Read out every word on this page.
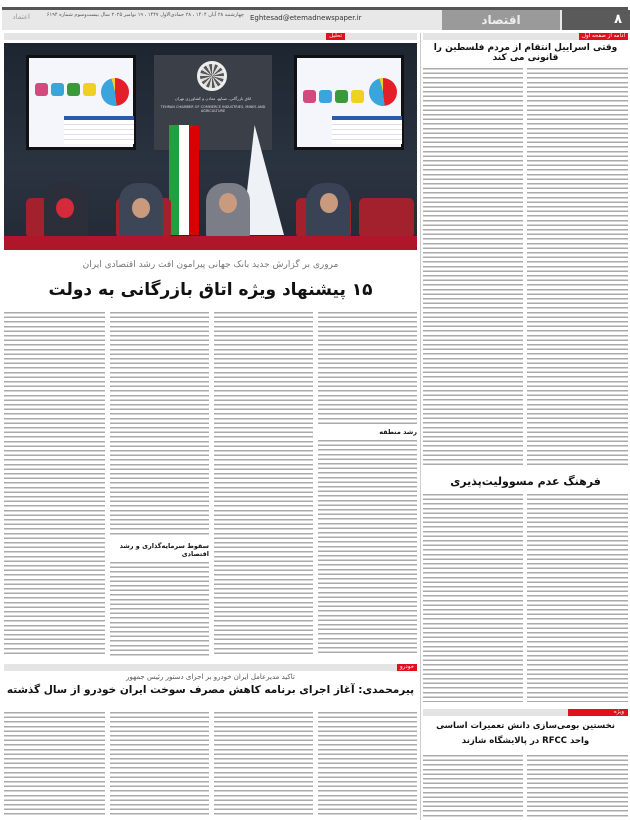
۸
اقتصاد
Eghtesad@etemadnewspaper.ir
چهارشنبه ۲۸ آبان ۱۴۰۴ ، ۲۸ جمادی‌الاول ۱۴۴۷ ، ۱۹ نوامبر ۲۰۲۵ سال بیست‌وسوم شماره ۶۱۹۴
اعتماد
تحلیل	ادامه از صفحه اول
اتاق بازرگانی، صنایع، معادن و کشاورزی تهران
TEHRAN CHAMBER OF COMMERCE INDUSTRIES, MINES AND AGRICULTURE
مروری بر گزارش جدید بانک جهانی پیرامون افت رشد اقتصادی ایران
۱۵ پیشنهاد ویژه اتاق بازرگانی به دولت
رشد منطقه
سقوط سرمایه‌گذاری و رشد اقتصادی
خودرو
تاکید مدیرعامل ایران خودرو بر اجرای دستور رئیس جمهور
پیرمحمدی: آغاز اجرای برنامه کاهش مصرف سوخت ایران خودرو از سال گذشته
وقتی اسراییل انتقام از مردم فلسطین را قانونی می کند
فرهنگ عدم مسوولیت‌پذیری
ویژه
نخستین بومی‌سازی دانش تعمیرات اساسی
واحد RFCC در پالایشگاه شازند
